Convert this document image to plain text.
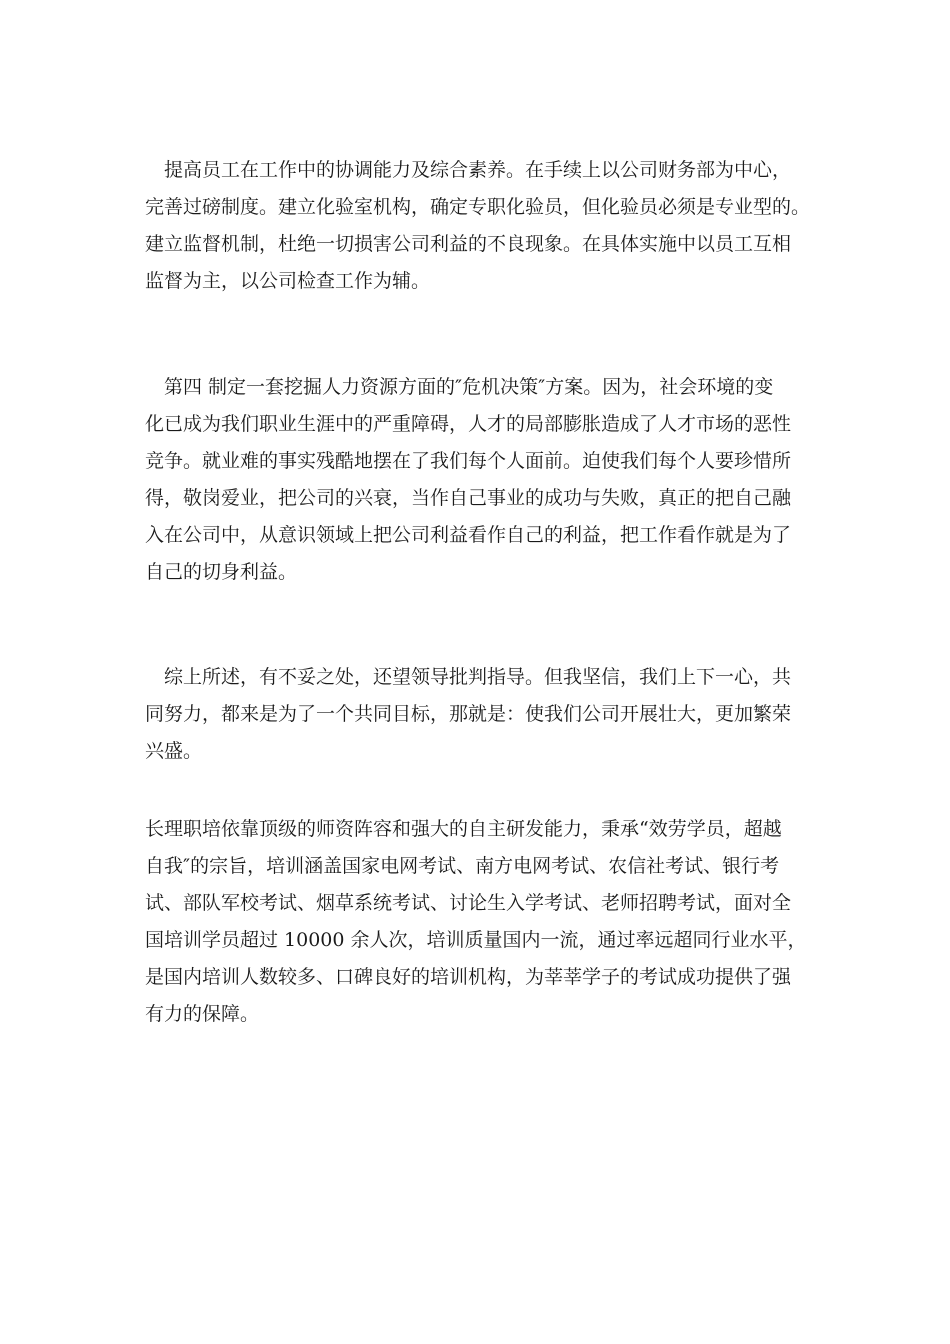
　提高员工在工作中的协调能力及综合素养。在手续上以公司财务部为中心，
完善过磅制度。建立化验室机构，确定专职化验员，但化验员必须是专业型的。
建立监督机制，杜绝一切损害公司利益的不良现象。在具体实施中以员工互相
监督为主，以公司检查工作为辅。
　第四 制定一套挖掘人力资源方面的″危机决策″方案。因为，社会环境的变
化已成为我们职业生涯中的严重障碍，人才的局部膨胀造成了人才市场的恶性
竞争。就业难的事实残酷地摆在了我们每个人面前。迫使我们每个人要珍惜所
得，敬岗爱业，把公司的兴衰，当作自己事业的成功与失败，真正的把自己融
入在公司中，从意识领域上把公司利益看作自己的利益，把工作看作就是为了
自己的切身利益。
　综上所述，有不妥之处，还望领导批判指导。但我坚信，我们上下一心，共
同努力，都来是为了一个共同目标，那就是：使我们公司开展壮大，更加繁荣
兴盛。
长理职培依靠顶级的师资阵容和强大的自主研发能力，秉承“效劳学员，超越
自我″的宗旨，培训涵盖国家电网考试、南方电网考试、农信社考试、银行考
试、部队军校考试、烟草系统考试、讨论生入学考试、老师招聘考试，面对全
国培训学员超过 10000 余人次，培训质量国内一流，通过率远超同行业水平，
是国内培训人数较多、口碑良好的培训机构，为莘莘学子的考试成功提供了强
有力的保障。
